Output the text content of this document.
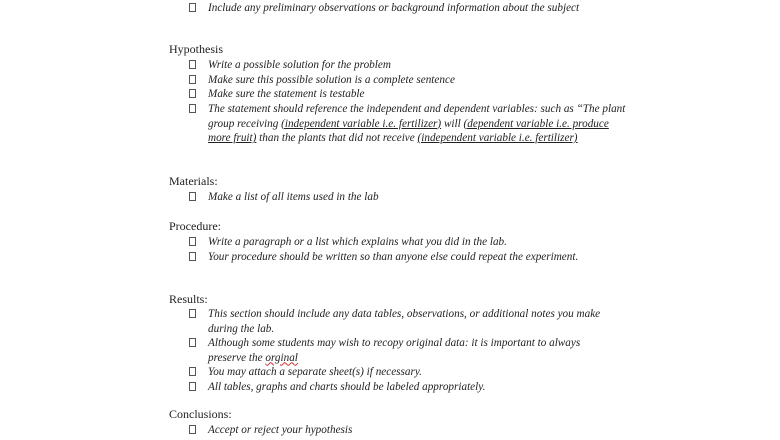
Include any preliminary observations or background information about the subject
Hypothesis
Write a possible solution for the problem
Make sure this possible solution is a complete sentence
Make sure the statement is testable
The statement should reference the independent and dependent variables: such as “The plant group receiving (independent variable i.e. fertilizer) will (dependent variable i.e. produce more fruit) than the plants that did not receive (independent variable i.e. fertilizer)
Materials:
Make a list of all items used in the lab
Procedure:
Write a paragraph or a list which explains what you did in the lab.
Your procedure should be written so than anyone else could repeat the experiment.
Results:
This section should include any data tables, observations, or additional notes you make during the lab.
Although some students may wish to recopy original data: it is important to always preserve the orginal
You may attach a separate sheet(s) if necessary.
All tables, graphs and charts should be labeled appropriately.
Conclusions:
Accept or reject your hypothesis
